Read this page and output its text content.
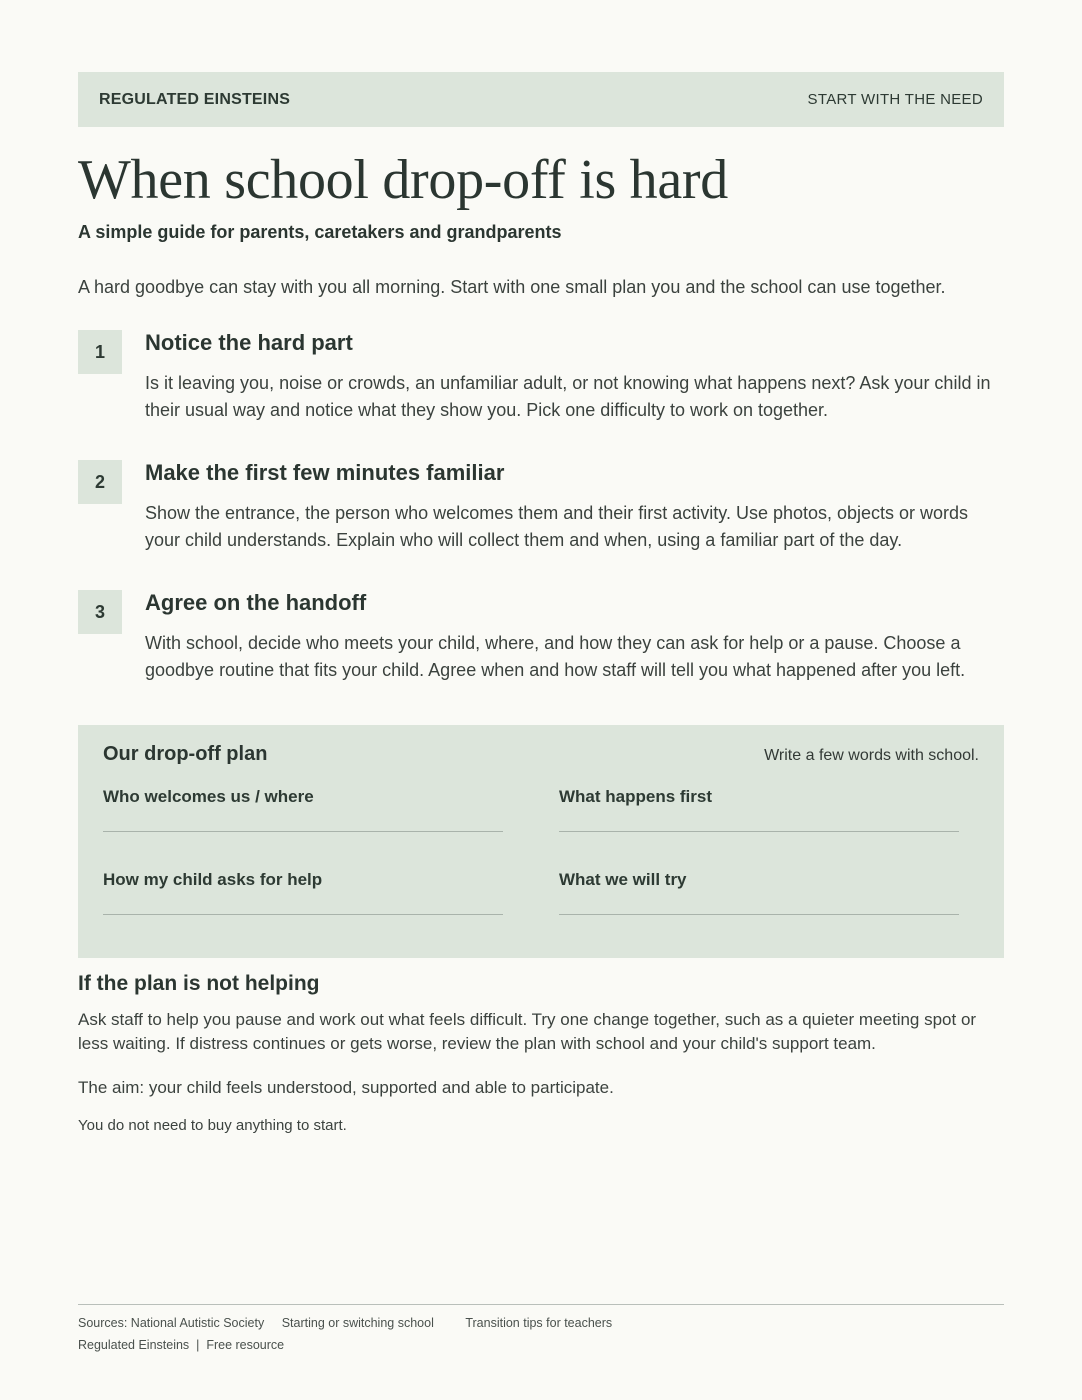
REGULATED EINSTEINS	START WITH THE NEED
When school drop-off is hard
A simple guide for parents, caretakers and grandparents
A hard goodbye can stay with you all morning. Start with one small plan you and the school can use together.
1	Notice the hard part
Is it leaving you, noise or crowds, an unfamiliar adult, or not knowing what happens next? Ask your child in their usual way and notice what they show you. Pick one difficulty to work on together.
2	Make the first few minutes familiar
Show the entrance, the person who welcomes them and their first activity. Use photos, objects or words your child understands. Explain who will collect them and when, using a familiar part of the day.
3	Agree on the handoff
With school, decide who meets your child, where, and how they can ask for help or a pause. Choose a goodbye routine that fits your child. Agree when and how staff will tell you what happened after you left.
Our drop-off plan	Write a few words with school.
Who welcomes us / where	What happens first
How my child asks for help	What we will try
If the plan is not helping
Ask staff to help you pause and work out what feels difficult. Try one change together, such as a quieter meeting spot or less waiting. If distress continues or gets worse, review the plan with school and your child's support team.
The aim: your child feels understood, supported and able to participate.
You do not need to buy anything to start.
Sources: National Autistic Society Starting or switching school	Transition tips for teachers
Regulated Einsteins  |  Free resource
